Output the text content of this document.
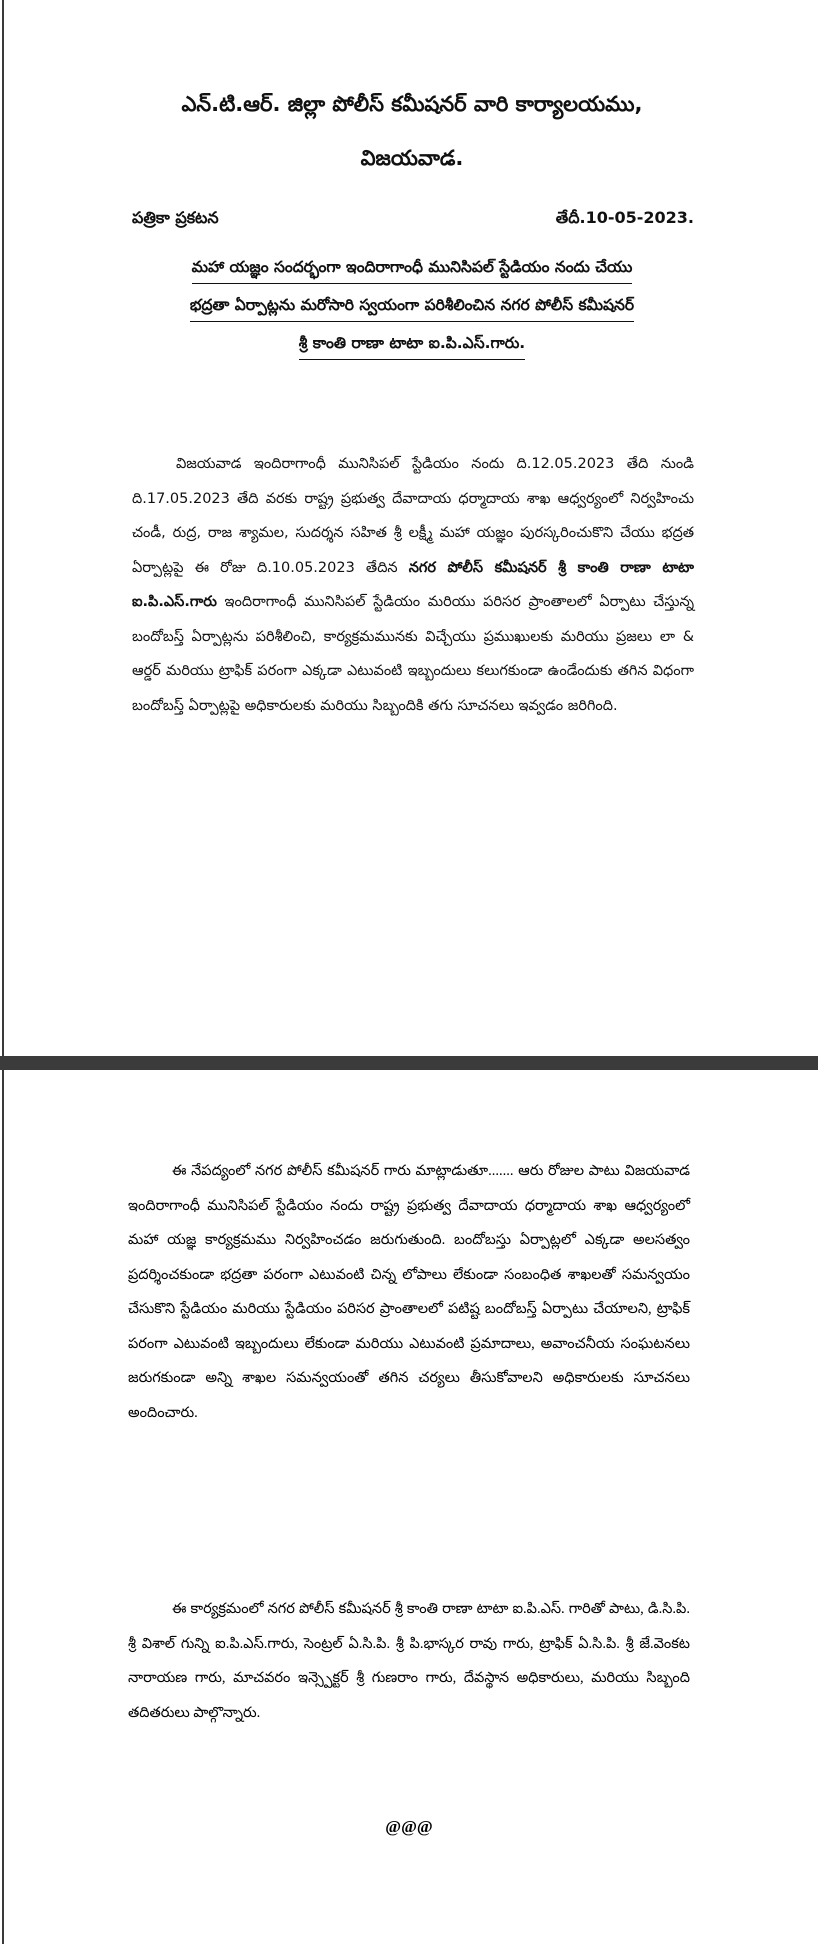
ఎన్.టి.ఆర్. జిల్లా పోలీస్ కమీషనర్ వారి కార్యాలయము,
విజయవాడ.
పత్రికా ప్రకటన	తేదీ.10-05-2023.
మహా యజ్ఞం సందర్భంగా ఇందిరాగాంధీ మునిసిపల్ స్టేడియం నందు చేయు
భద్రతా ఏర్పాట్లను మరోసారి స్వయంగా పరిశీలించిన నగర పోలీస్ కమీషనర్
శ్రీ కాంతి రాణా టాటా ఐ.పి.ఎస్.గారు.
విజయవాడ ఇందిరాగాంధీ మునిసిపల్ స్టేడియం నందు ది.12.05.2023 తేది నుండి ది.17.05.2023 తేది వరకు రాష్ట్ర ప్రభుత్వ దేవాదాయ ధర్మాదాయ శాఖ ఆధ్వర్యంలో నిర్వహించు చండీ, రుద్ర, రాజ శ్యామల, సుదర్శన సహిత శ్రీ లక్ష్మీ మహా యజ్ఞం పురస్కరించుకొని చేయు భద్రత ఏర్పాట్లపై ఈ రోజు ది.10.05.2023 తేదిన నగర పోలీస్ కమీషనర్ శ్రీ కాంతి రాణా టాటా ఐ.పి.ఎస్.గారు ఇందిరాగాంధీ మునిసిపల్ స్టేడియం మరియు పరిసర ప్రాంతాలలో ఏర్పాటు చేస్తున్న బందోబస్త్ ఏర్పాట్లను పరిశీలించి, కార్యక్రమమునకు విచ్చేయు ప్రముఖులకు మరియు ప్రజలు లా & ఆర్డర్ మరియు ట్రాఫిక్ పరంగా ఎక్కడా ఎటువంటి ఇబ్బందులు కలుగకుండా ఉండేందుకు తగిన విధంగా బందోబస్త్ ఏర్పాట్లపై అధికారులకు మరియు సిబ్బందికి తగు సూచనలు ఇవ్వడం జరిగింది.
ఈ నేపద్యంలో నగర పోలీస్ కమీషనర్ గారు మాట్లాడుతూ....... ఆరు రోజుల పాటు విజయవాడ ఇందిరాగాంధీ మునిసిపల్ స్టేడియం నందు రాష్ట్ర ప్రభుత్వ దేవాదాయ ధర్మాదాయ శాఖ ఆధ్వర్యంలో మహా యజ్ఞ కార్యక్రమము నిర్వహించడం జరుగుతుంది. బందోబస్తు ఏర్పాట్లలో ఎక్కడా అలసత్వం ప్రదర్శించకుండా భద్రతా పరంగా ఎటువంటి చిన్న లోపాలు లేకుండా సంబంధిత శాఖలతో సమన్వయం చేసుకొని స్టేడియం మరియు స్టేడియం పరిసర ప్రాంతాలలో పటిష్ట బందోబస్త్ ఏర్పాటు చేయాలని, ట్రాఫిక్ పరంగా ఎటువంటి ఇబ్బందులు లేకుండా మరియు ఎటువంటి ప్రమాదాలు, అవాంచనీయ సంఘటనలు జరుగకుండా అన్ని శాఖల సమన్వయంతో తగిన చర్యలు తీసుకోవాలని అధికారులకు సూచనలు అందించారు.
ఈ కార్యక్రమంలో నగర పోలీస్ కమీషనర్ శ్రీ కాంతి రాణా టాటా ఐ.పి.ఎస్. గారితో పాటు, డి.సి.పి. శ్రీ విశాల్ గున్ని ఐ.పి.ఎస్.గారు, సెంట్రల్ ఏ.సి.పి. శ్రీ పి.భాస్కర రావు గారు, ట్రాఫిక్ ఏ.సి.పి. శ్రీ జే.వెంకట నారాయణ గారు, మాచవరం ఇన్స్పెక్టర్ శ్రీ గుణరాం గారు, దేవస్థాన అధికారులు, మరియు సిబ్బంది తదితరులు పాల్గొన్నారు.
@@@
